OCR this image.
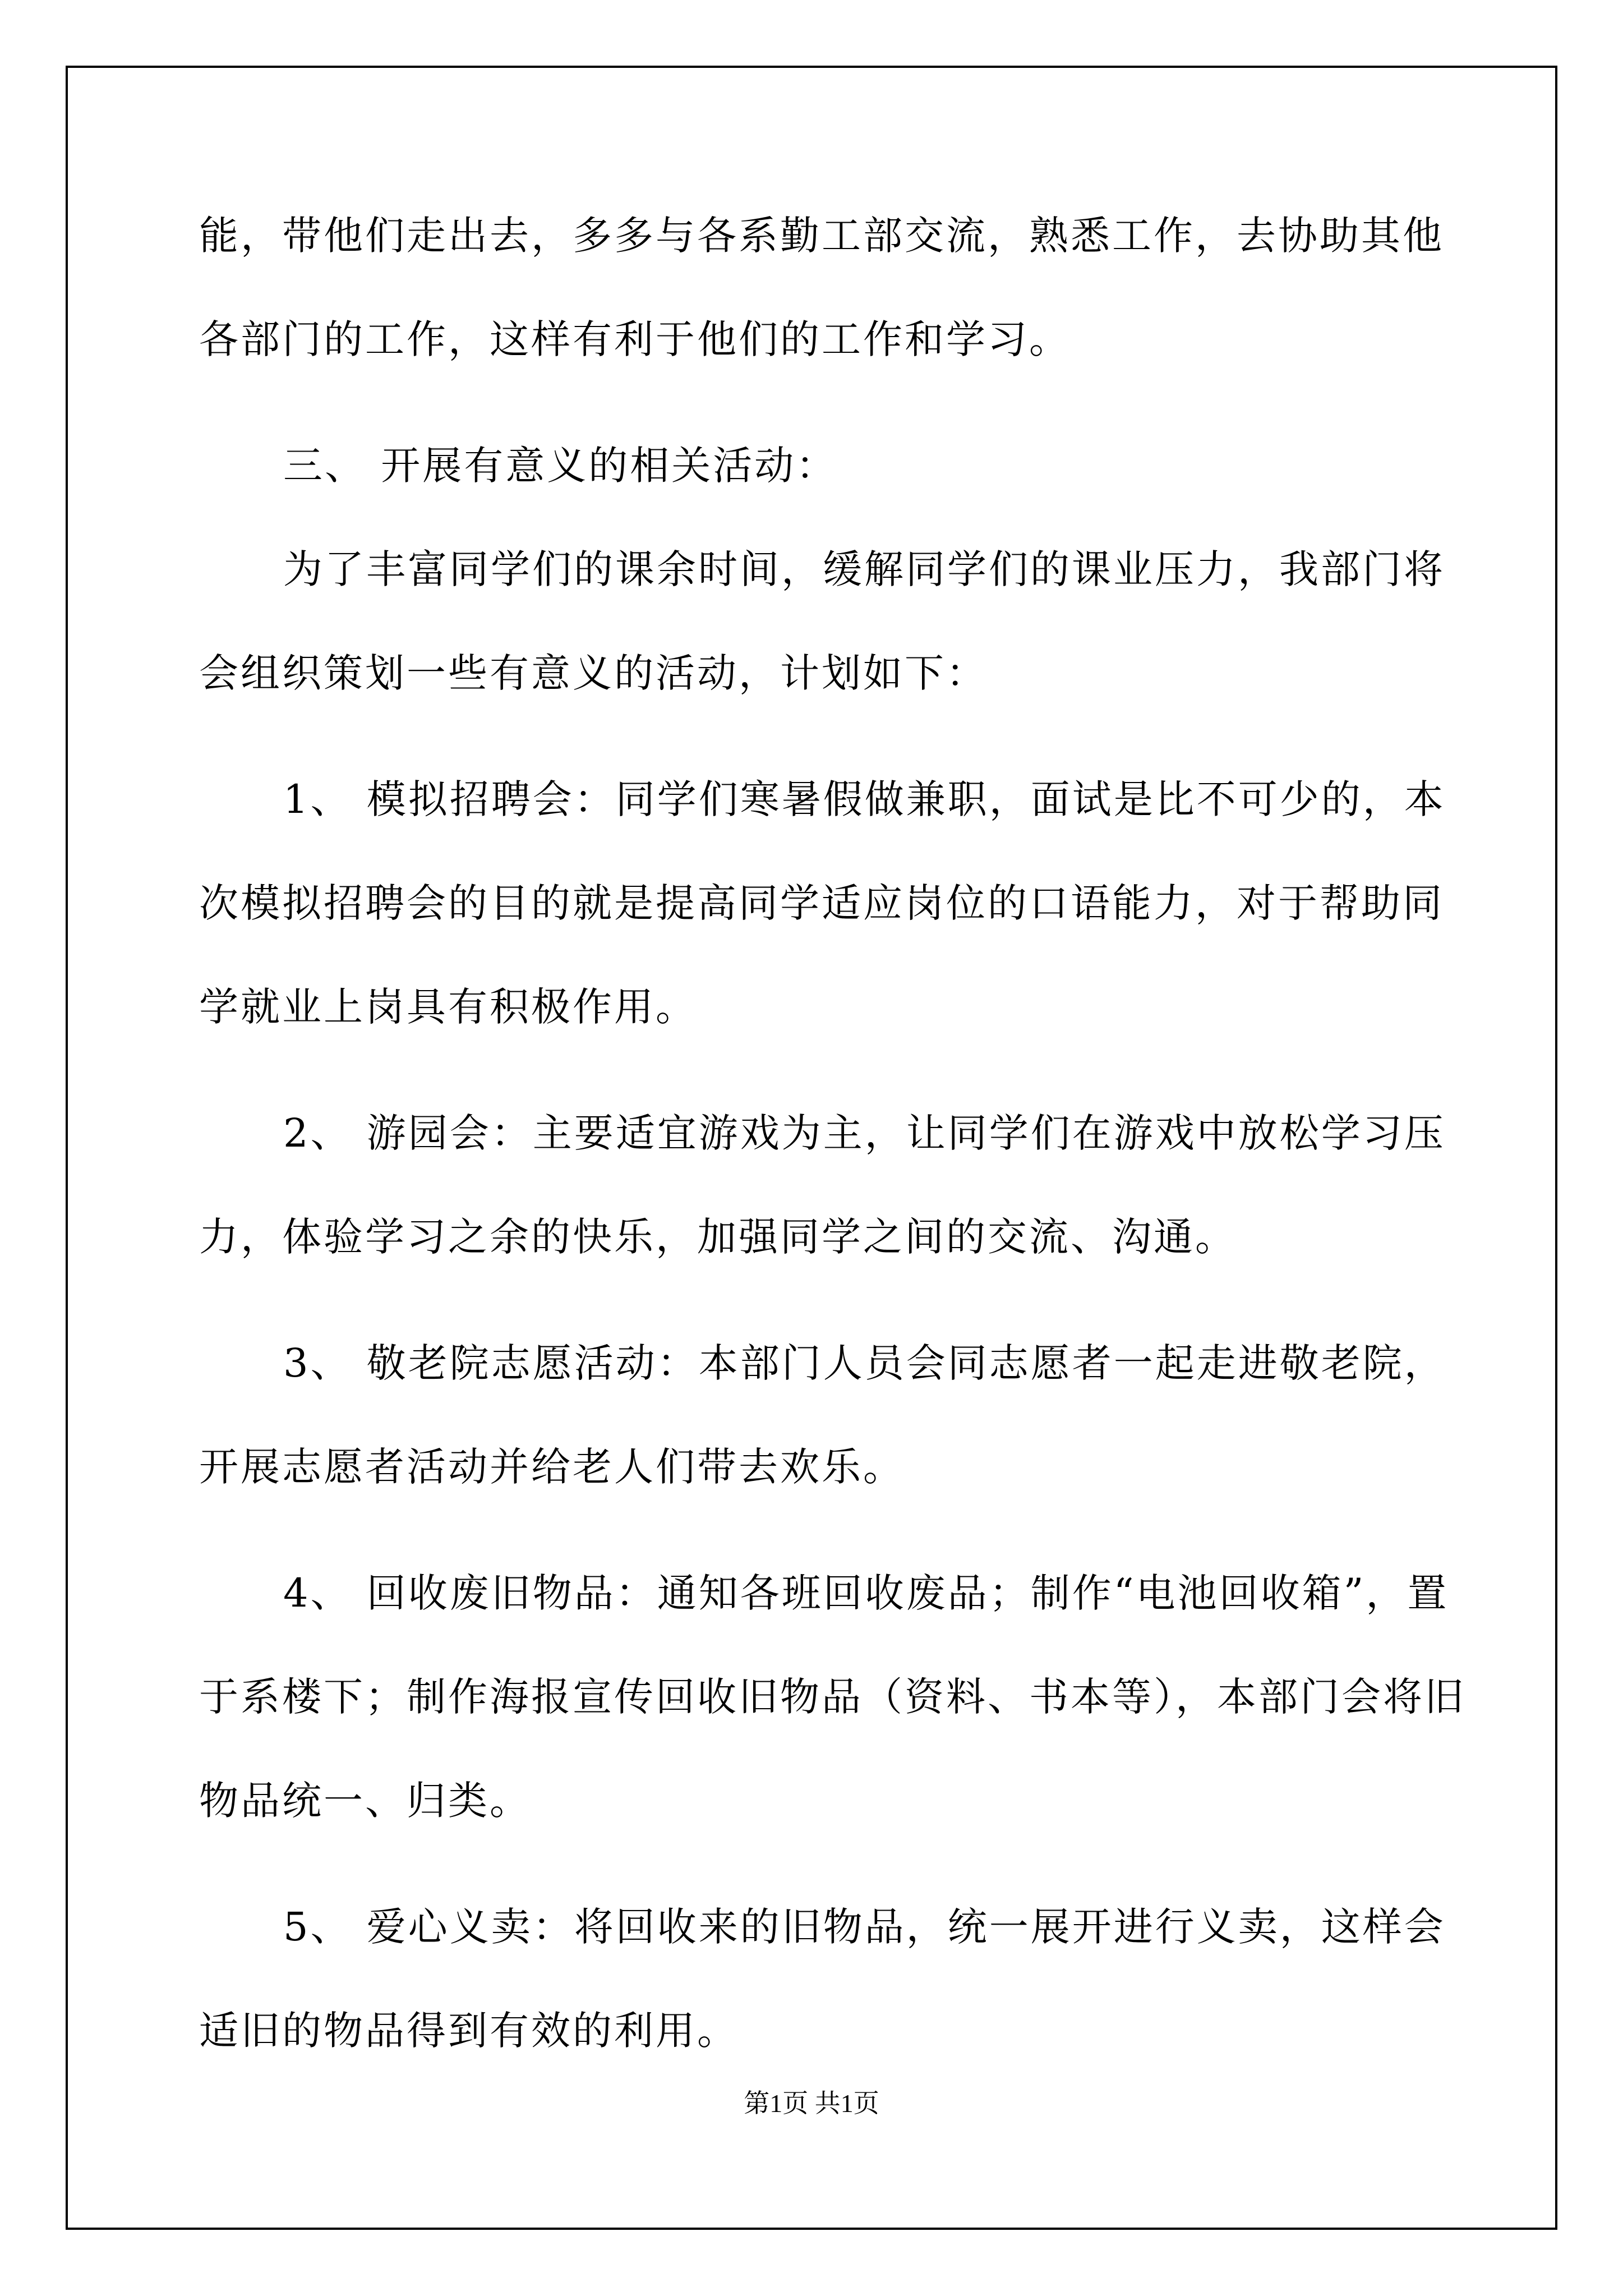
能，带他们走出去，多多与各系勤工部交流，熟悉工作，去协助其他
各部门的工作，这样有利于他们的工作和学习。
三、 开展有意义的相关活动：
为了丰富同学们的课余时间，缓解同学们的课业压力，我部门将
会组织策划一些有意义的活动，计划如下：
1、 模拟招聘会：同学们寒暑假做兼职，面试是比不可少的，本
次模拟招聘会的目的就是提高同学适应岗位的口语能力，对于帮助同
学就业上岗具有积极作用。
2、 游园会：主要适宜游戏为主，让同学们在游戏中放松学习压
力，体验学习之余的快乐，加强同学之间的交流、沟通。
3、 敬老院志愿活动：本部门人员会同志愿者一起走进敬老院，
开展志愿者活动并给老人们带去欢乐。
4、 回收废旧物品：通知各班回收废品；制作“电池回收箱”，置
于系楼下；制作海报宣传回收旧物品（资料、书本等），本部门会将旧
物品统一、归类。
5、 爱心义卖：将回收来的旧物品，统一展开进行义卖，这样会
适旧的物品得到有效的利用。
第1页 共1页
